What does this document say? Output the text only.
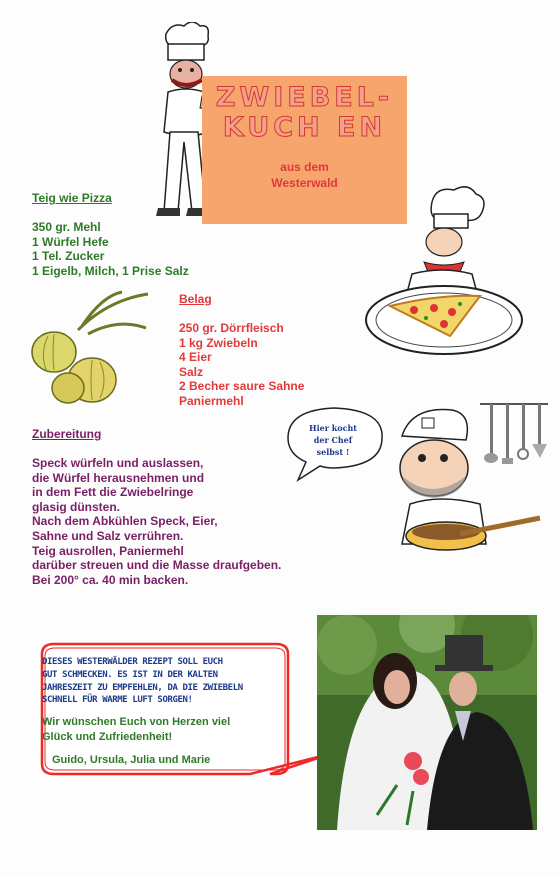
ZWIEBEL-
KUCH EN
aus dem
Westerwald
Teig wie Pizza
350 gr. Mehl
1 Würfel Hefe
1 Tel. Zucker
1 Eigelb, Milch, 1 Prise Salz
Belag
250 gr. Dörrfleisch
1 kg Zwiebeln
4 Eier
Salz
2 Becher saure Sahne
Paniermehl
Zubereitung
Speck würfeln und auslassen,
die Würfel herausnehmen und
in dem Fett die Zwiebelringe
glasig dünsten.
Nach dem Abkühlen Speck, Eier,
Sahne und Salz verrühren.
Teig ausrollen, Paniermehl
darüber streuen und die Masse draufgeben.
Bei 200° ca. 40 min backen.
Hier kocht
der Chef
selbst !
DIESES WESTERWÄLDER REZEPT SOLL EUCH
GUT SCHMECKEN. ES IST IN DER KALTEN
JAHRESZEIT ZU EMPFEHLEN, DA DIE ZWIEBELN
SCHNELL FÜR WARME LUFT SORGEN!
Wir wünschen Euch von Herzen viel
Glück und Zufriedenheit!
Guido, Ursula, Julia und Marie
